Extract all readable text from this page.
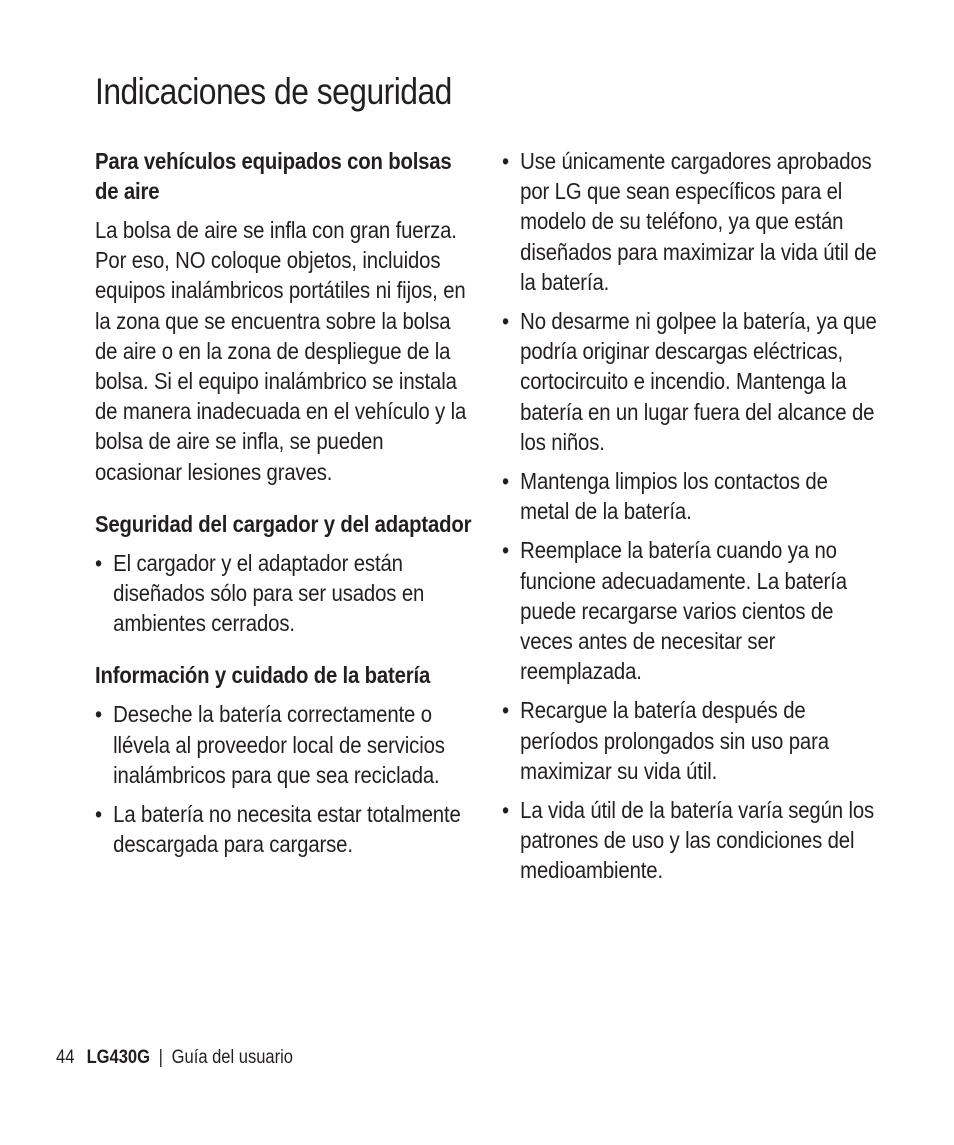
Indicaciones de seguridad
Para vehículos equipados con bolsas de aire

La bolsa de aire se infla con gran fuerza. Por eso, NO coloque objetos, incluidos equipos inalámbricos portátiles ni fijos, en la zona que se encuentra sobre la bolsa de aire o en la zona de despliegue de la bolsa. Si el equipo inalámbrico se instala de manera inadecuada en el vehículo y la bolsa de aire se infla, se pueden ocasionar lesiones graves.

Seguridad del cargador y del adaptador
• El cargador y el adaptador están diseñados sólo para ser usados en ambientes cerrados.
Información y cuidado de la batería
• Deseche la batería correctamente o llévela al proveedor local de servicios inalámbricos para que sea reciclada.
• La batería no necesita estar totalmente descargada para cargarse.
• Use únicamente cargadores aprobados por LG que sean específicos para el modelo de su teléfono, ya que están diseñados para maximizar la vida útil de la batería.
• No desarme ni golpee la batería, ya que podría originar descargas eléctricas, cortocircuito e incendio. Mantenga la batería en un lugar fuera del alcance de los niños.
• Mantenga limpios los contactos de metal de la batería.
• Reemplace la batería cuando ya no funcione adecuadamente. La batería puede recargarse varios cientos de veces antes de necesitar ser reemplazada.
• Recargue la batería después de períodos prolongados sin uso para maximizar su vida útil.
• La vida útil de la batería varía según los patrones de uso y las condiciones del medioambiente.
44 LG430G | Guía del usuario
